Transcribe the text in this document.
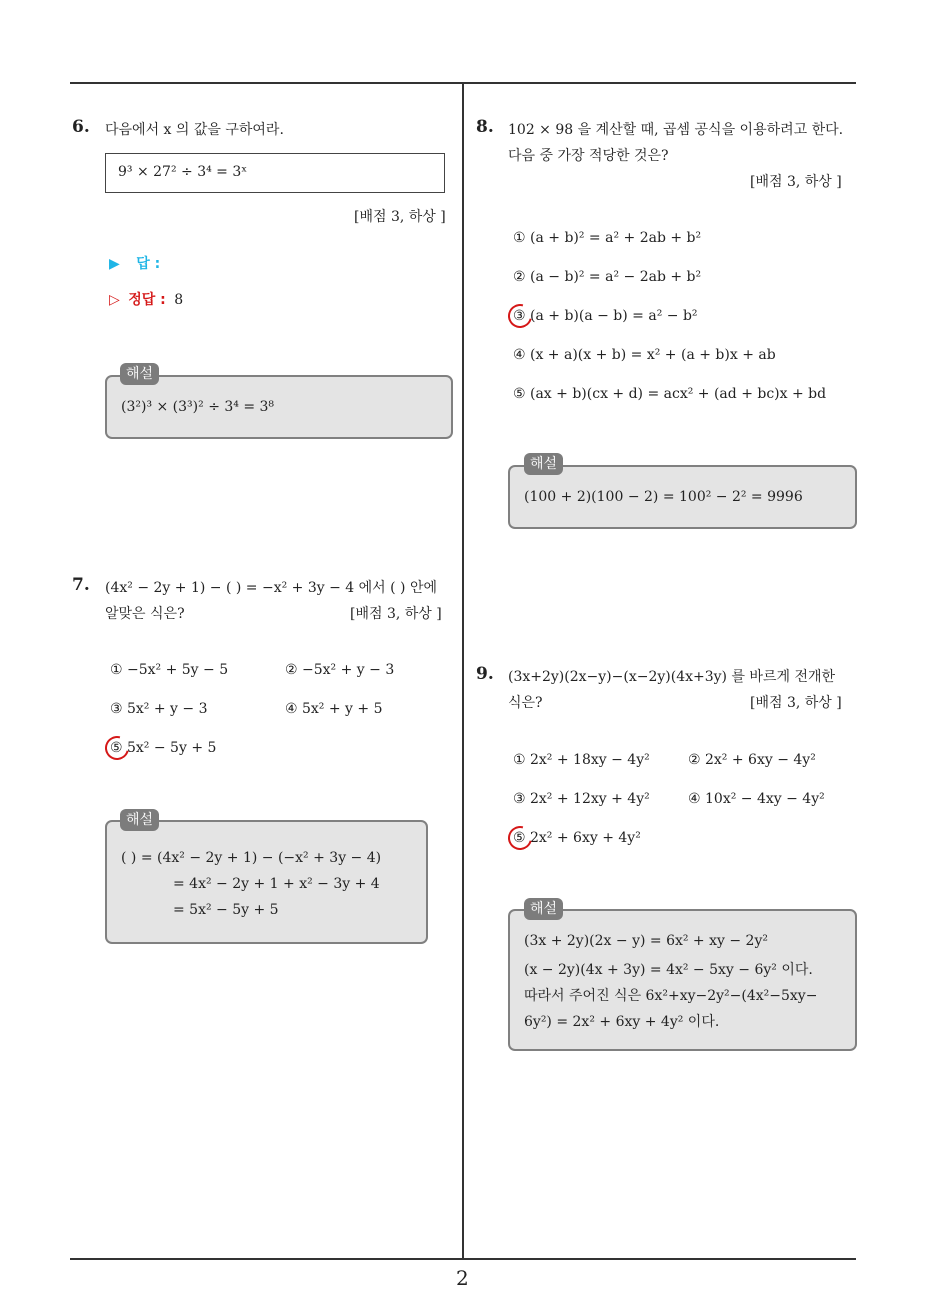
2
6. 다음에서 x 의 값을 구하여라.
9³ × 27² ÷ 3⁴ = 3ˣ
[배점 3, 하상 ]
▶ 답 :
▷ 정답 : 8
(3²)³ × (3³)² ÷ 3⁴ = 3⁸
해설
7. (4x² − 2y + 1) − ( ) = −x² + 3y − 4 에서 ( ) 안에
알맞은 식은?	[배점 3, 하상 ]
① −5x² + 5y − 5	② −5x² + y − 3
③ 5x² + y − 3	④ 5x² + y + 5
⑤ 5x² − 5y + 5
( ) = (4x² − 2y + 1) − (−x² + 3y − 4)
= 4x² − 2y + 1 + x² − 3y + 4
= 5x² − 5y + 5
해설
8. 102 × 98 을 계산할 때, 곱셈 공식을 이용하려고 한다.
다음 중 가장 적당한 것은?
[배점 3, 하상 ]
① (a + b)² = a² + 2ab + b²
② (a − b)² = a² − 2ab + b²
③ (a + b)(a − b) = a² − b²
④ (x + a)(x + b) = x² + (a + b)x + ab
⑤ (ax + b)(cx + d) = acx² + (ad + bc)x + bd
(100 + 2)(100 − 2) = 100² − 2² = 9996
해설
9. (3x+2y)(2x−y)−(x−2y)(4x+3y) 를 바르게 전개한
식은?	[배점 3, 하상 ]
① 2x² + 18xy − 4y²	② 2x² + 6xy − 4y²
③ 2x² + 12xy + 4y²	④ 10x² − 4xy − 4y²
⑤ 2x² + 6xy + 4y²
(3x + 2y)(2x − y) = 6x² + xy − 2y²
(x − 2y)(4x + 3y) = 4x² − 5xy − 6y² 이다.
따라서 주어진 식은 6x²+xy−2y²−(4x²−5xy−
6y²) = 2x² + 6xy + 4y² 이다.
해설
